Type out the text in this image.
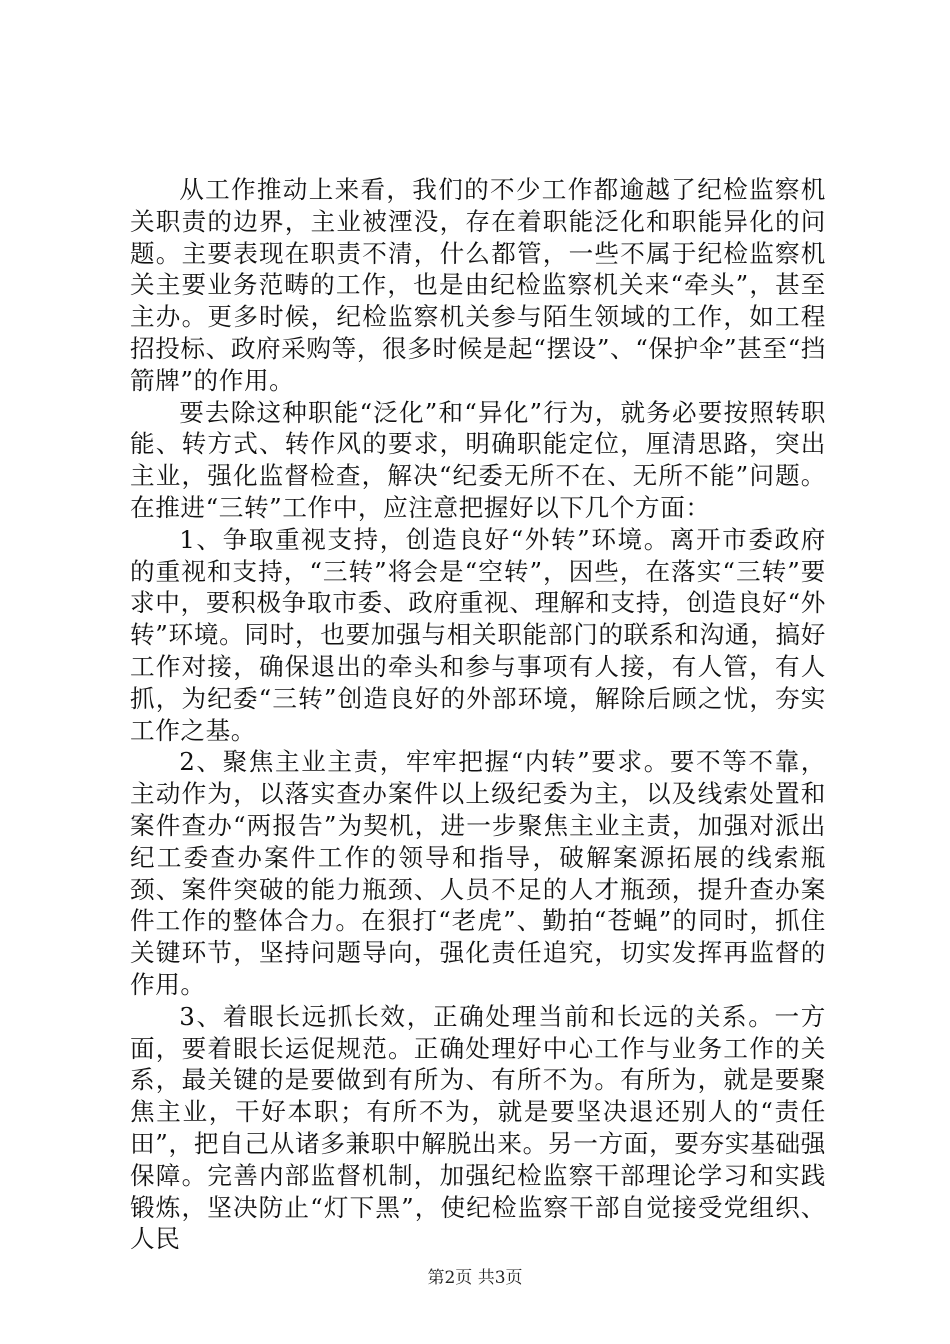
从工作推动上来看，我们的不少工作都逾越了纪检监察机关职责的边界，主业被湮没，存在着职能泛化和职能异化的问题。主要表现在职责不清，什么都管，一些不属于纪检监察机关主要业务范畴的工作，也是由纪检监察机关来“牵头”，甚至主办。更多时候，纪检监察机关参与陌生领域的工作，如工程招投标、政府采购等，很多时候是起“摆设”、“保护伞”甚至“挡箭牌”的作用。

要去除这种职能“泛化”和“异化”行为，就务必要按照转职能、转方式、转作风的要求，明确职能定位，厘清思路，突出主业，强化监督检查，解决“纪委无所不在、无所不能”问题。在推进“三转”工作中，应注意把握好以下几个方面：

1、争取重视支持，创造良好“外转”环境。离开市委政府的重视和支持，“三转”将会是“空转”，因些，在落实“三转”要求中，要积极争取市委、政府重视、理解和支持，创造良好“外转”环境。同时，也要加强与相关职能部门的联系和沟通，搞好工作对接，确保退出的牵头和参与事项有人接，有人管，有人抓，为纪委“三转”创造良好的外部环境，解除后顾之忧，夯实工作之基。

2、聚焦主业主责，牢牢把握“内转”要求。要不等不靠，主动作为，以落实查办案件以上级纪委为主，以及线索处置和案件查办“两报告”为契机，进一步聚焦主业主责，加强对派出纪工委查办案件工作的领导和指导，破解案源拓展的线索瓶颈、案件突破的能力瓶颈、人员不足的人才瓶颈，提升查办案件工作的整体合力。在狠打“老虎”、勤拍“苍蝇”的同时，抓住关键环节，坚持问题导向，强化责任追究，切实发挥再监督的作用。

3、着眼长远抓长效，正确处理当前和长远的关系。一方面，要着眼长运促规范。正确处理好中心工作与业务工作的关系，最关键的是要做到有所为、有所不为。有所为，就是要聚焦主业，干好本职；有所不为，就是要坚决退还别人的“责任田”，把自己从诸多兼职中解脱出来。另一方面，要夯实基础强保障。完善内部监督机制，加强纪检监察干部理论学习和实践锻炼，坚决防止“灯下黑”，使纪检监察干部自觉接受党组织、人民

第2页 共3页
